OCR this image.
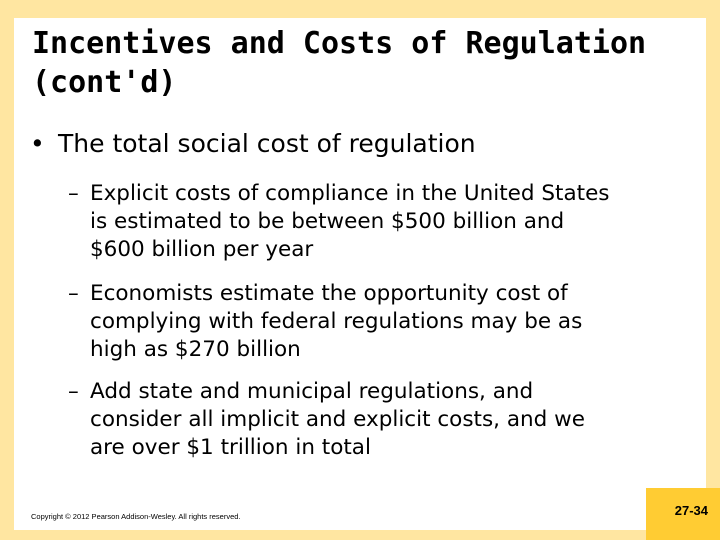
Incentives and Costs of Regulation
(cont'd)
• The total social cost of regulation
– Explicit costs of compliance in the United States
is estimated to be between $500 billion and
$600 billion per year
– Economists estimate the opportunity cost of
complying with federal regulations may be as
high as $270 billion
– Add state and municipal regulations, and
consider all implicit and explicit costs, and we
are over $1 trillion in total
Copyright © 2012 Pearson Addison-Wesley. All rights reserved.	27-34
